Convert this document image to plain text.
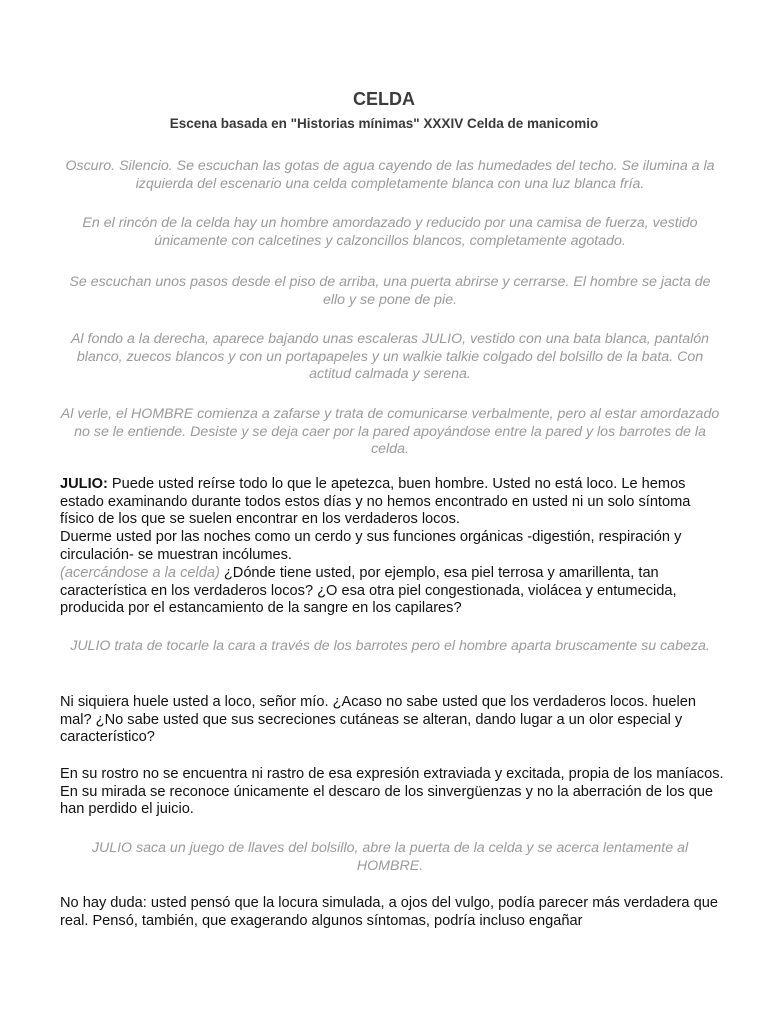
CELDA
Escena basada en "Historias mínimas" XXXIV Celda de manicomio
Oscuro. Silencio. Se escuchan las gotas de agua cayendo de las humedades del techo. Se ilumina a la izquierda del escenario una celda completamente blanca con una luz blanca fría.
En el rincón de la celda hay un hombre amordazado y reducido por una camisa de fuerza, vestido únicamente con calcetines y calzoncillos blancos, completamente agotado.
Se escuchan unos pasos desde el piso de arriba, una puerta abrirse y cerrarse. El hombre se jacta de ello y se pone de pie.
Al fondo a la derecha, aparece bajando unas escaleras JULIO, vestido con una bata blanca, pantalón blanco, zuecos blancos y con un portapapeles y un walkie talkie colgado del bolsillo de la bata. Con actitud calmada y serena.
Al verle, el HOMBRE comienza a zafarse y trata de comunicarse verbalmente, pero al estar amordazado no se le entiende. Desiste y se deja caer por la pared apoyándose entre la pared y los barrotes de la celda.
JULIO: Puede usted reírse todo lo que le apetezca, buen hombre. Usted no está loco. Le hemos estado examinando durante todos estos días y no hemos encontrado en usted ni un solo síntoma físico de los que se suelen encontrar en los verdaderos locos.
Duerme usted por las noches como un cerdo y sus funciones orgánicas -digestión, respiración y circulación- se muestran incólumes.
(acercándose a la celda) ¿Dónde tiene usted, por ejemplo, esa piel terrosa y amarillenta, tan característica en los verdaderos locos? ¿O esa otra piel congestionada, violácea y entumecida, producida por el estancamiento de la sangre en los capilares?
JULIO trata de tocarle la cara a través de los barrotes pero el hombre aparta bruscamente su cabeza.
Ni siquiera huele usted a loco, señor mío. ¿Acaso no sabe usted que los verdaderos locos. huelen mal? ¿No sabe usted que sus secreciones cutáneas se alteran, dando lugar a un olor especial y característico?
En su rostro no se encuentra ni rastro de esa expresión extraviada y excitada, propia de los maníacos. En su mirada se reconoce únicamente el descaro de los sinvergüenzas y no la aberración de los que han perdido el juicio.
JULIO saca un juego de llaves del bolsillo, abre la puerta de la celda y se acerca lentamente al HOMBRE.
No hay duda: usted pensó que la locura simulada, a ojos del vulgo, podía parecer más verdadera que real. Pensó, también, que exagerando algunos síntomas, podría incluso engañar
